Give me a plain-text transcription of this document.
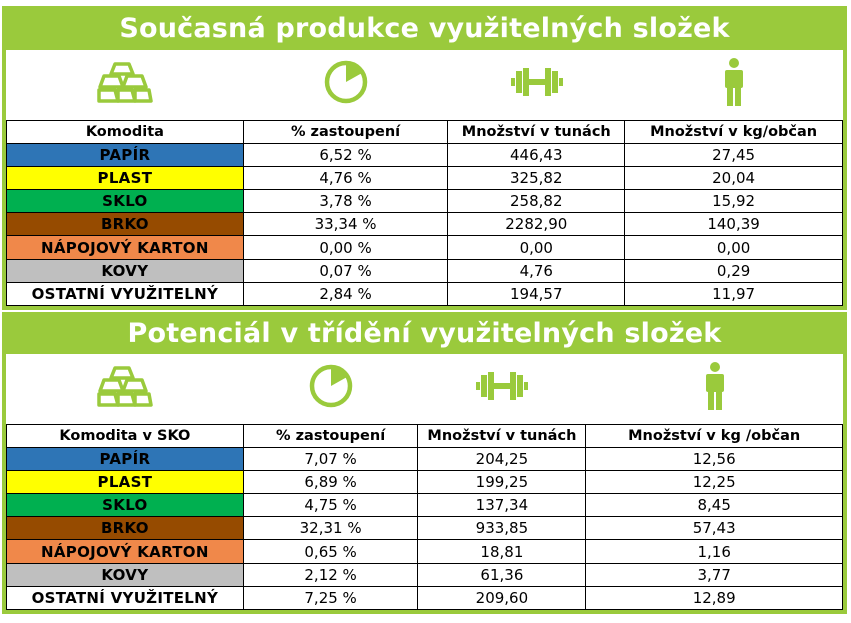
Současná produkce využitelných složek
Komodita	% zastoupení	Množství v tunách	Množství v kg/občan
PAPÍR	6,52 %	446,43	27,45
PLAST	4,76 %	325,82	20,04
SKLO	3,78 %	258,82	15,92
BRKO	33,34 %	2282,90	140,39
NÁPOJOVÝ KARTON	0,00 %	0,00	0,00
KOVY	0,07 %	4,76	0,29
OSTATNÍ VYUŽITELNÝ	2,84 %	194,57	11,97
Potenciál v třídění využitelných složek
Komodita v SKO	% zastoupení	Množství v tunách	Množství v kg /občan
PAPÍR	7,07 %	204,25	12,56
PLAST	6,89 %	199,25	12,25
SKLO	4,75 %	137,34	8,45
BRKO	32,31 %	933,85	57,43
NÁPOJOVÝ KARTON	0,65 %	18,81	1,16
KOVY	2,12 %	61,36	3,77
OSTATNÍ VYUŽITELNÝ	7,25 %	209,60	12,89
